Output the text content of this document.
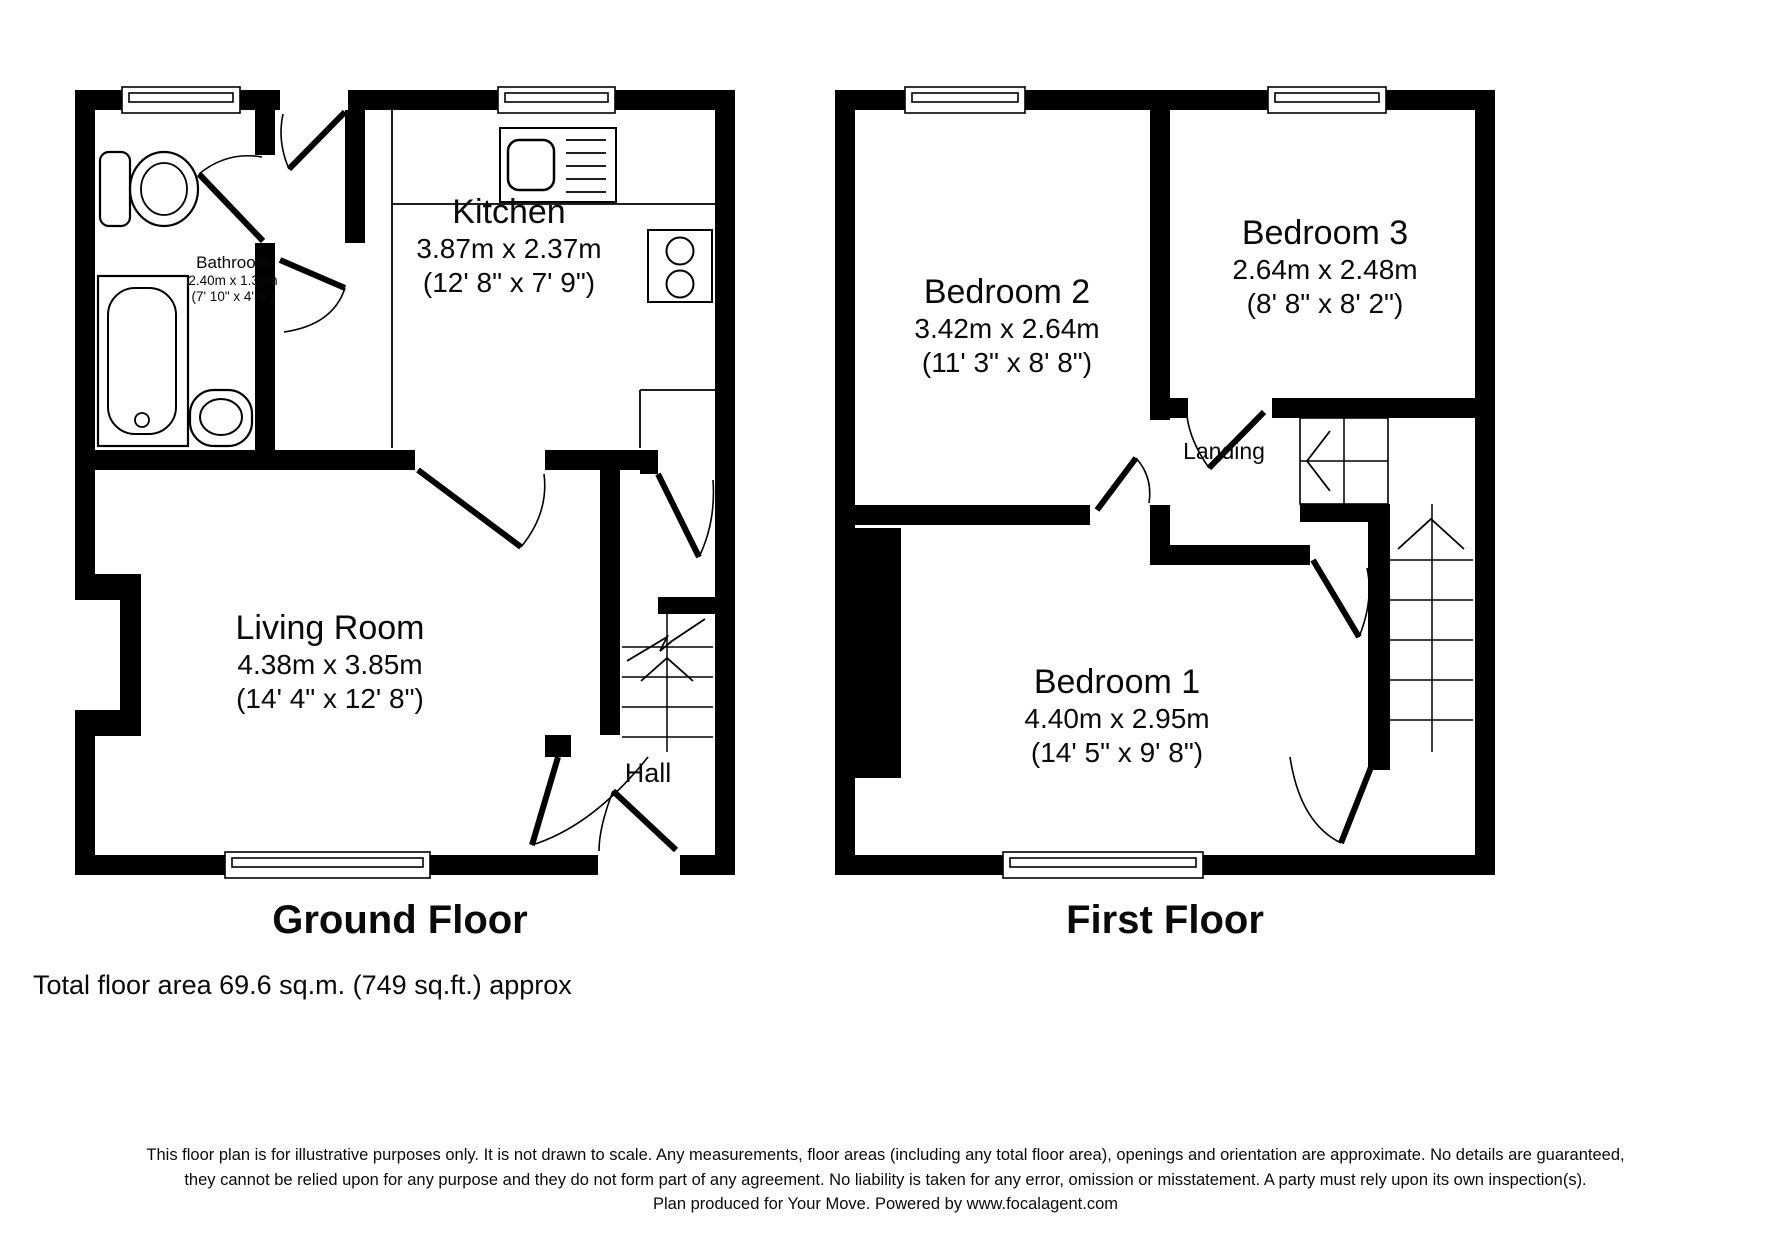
Kitchen
3.87m x 2.37m
(12' 8" x 7' 9")
Bathroom
2.40m x 1.36m
(7' 10" x 4' 6")
Living Room
4.38m x 3.85m
(14' 4" x 12' 8")
Hall
Bedroom 2
3.42m x 2.64m
(11' 3" x 8' 8")
Bedroom 3
2.64m x 2.48m
(8' 8" x 8' 2")
Bedroom 1
4.40m x 2.95m
(14' 5" x 9' 8")
Landing
Ground Floor	First Floor
Total floor area 69.6 sq.m. (749 sq.ft.) approx
This floor plan is for illustrative purposes only. It is not drawn to scale. Any measurements, floor areas (including any total floor area), openings and orientation are approximate. No details are guaranteed,
they cannot be relied upon for any purpose and they do not form part of any agreement. No liability is taken for any error, omission or misstatement. A party must rely upon its own inspection(s).
Plan produced for Your Move. Powered by www.focalagent.com
